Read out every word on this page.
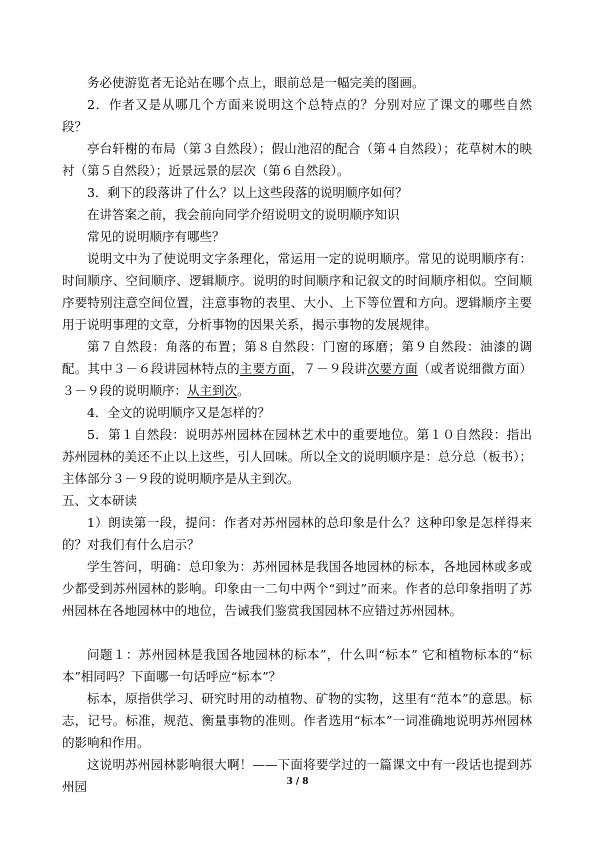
务必使游览者无论站在哪个点上，眼前总是一幅完美的图画。

2．作者又是从哪几个方面来说明这个总特点的？分别对应了课文的哪些自然段？

亭台轩榭的布局（第３自然段）；假山池沼的配合（第４自然段）；花草树木的映衬（第５自然段）；近景远景的层次（第６自然段）。

3．剩下的段落讲了什么？以上这些段落的说明顺序如何？

在讲答案之前，我会前向同学介绍说明文的说明顺序知识

常见的说明顺序有哪些？

说明文中为了使说明文字条理化，常运用一定的说明顺序。常见的说明顺序有：时间顺序、空间顺序、逻辑顺序。说明的时间顺序和记叙文的时间顺序相似。空间顺序要特别注意空间位置，注意事物的表里、大小、上下等位置和方向。逻辑顺序主要用于说明事理的文章，分析事物的因果关系，揭示事物的发展规律。

第７自然段：角落的布置；第８自然段：门窗的琢磨；第９自然段：油漆的调配。其中３－６段讲园林特点的主要方面，７－９段讲次要方面（或者说细微方面）３－９段的说明顺序：从主到次。

4．全文的说明顺序又是怎样的？

5．第１自然段：说明苏州园林在园林艺术中的重要地位。第１０自然段：指出苏州园林的美还不止以上这些，引人回味。所以全文的说明顺序是：总分总（板书）；主体部分３－９段的说明顺序是从主到次。

五、文本研读

1）朗读第一段，提问：作者对苏州园林的总印象是什么？这种印象是怎样得来的？对我们有什么启示？

学生答问，明确：总印象为：苏州园林是我国各地园林的标本，各地园林或多或少都受到苏州园林的影响。印象由一二句中两个“到过”而来。作者的总印象指明了苏州园林在各地园林中的地位，告诫我们鉴赏我国园林不应错过苏州园林。

问题１：苏州园林是我国各地园林的标本”，什么叫“标本” 它和植物标本的“标本”相同吗？下面哪一句话呼应“标本”？

标本，原指供学习、研究时用的动植物、矿物的实物，这里有“范本”的意思。标志，记号。标准，规范、衡量事物的准则。作者选用“标本”一词准确地说明苏州园林的影响和作用。

这说明苏州园林影响很大啊！——下面将要学过的一篇课文中有一段话也提到苏州园	3 / 8
